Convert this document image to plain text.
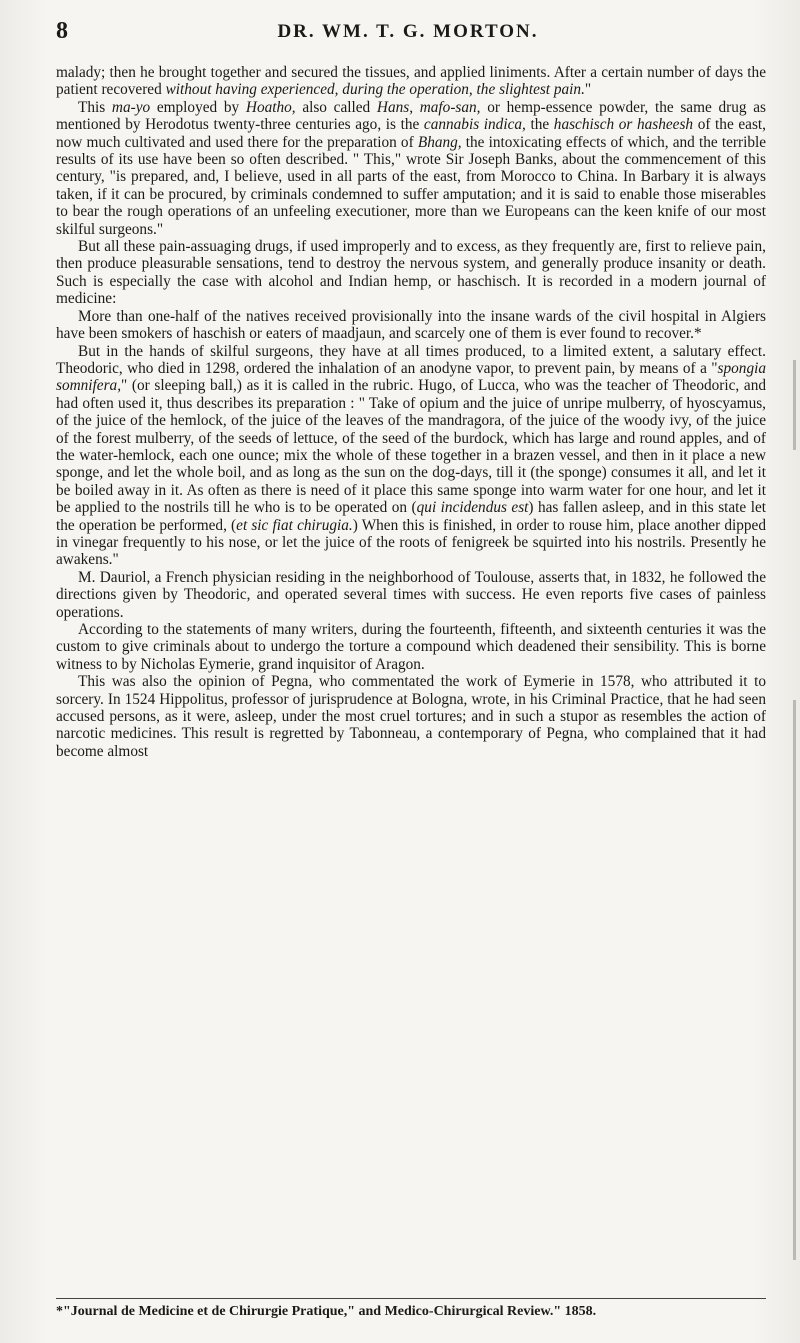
8	DR. WM. T. G. MORTON.

malady; then he brought together and secured the tissues, and applied liniments. After a certain number of days the patient recovered without having experienced, during the operation, the slightest pain."

This ma-yo employed by Hoatho, also called Hans, mafo-san, or hemp-essence powder, the same drug as mentioned by Herodotus twenty-three centuries ago, is the cannabis indica, the haschisch or hasheesh of the east, now much cultivated and used there for the preparation of Bhang, the intoxicating effects of which, and the terrible results of its use have been so often described. " This," wrote Sir Joseph Banks, about the commencement of this century, "is prepared, and, I believe, used in all parts of the east, from Morocco to China. In Barbary it is always taken, if it can be procured, by criminals condemned to suffer amputation; and it is said to enable those miserables to bear the rough operations of an unfeeling executioner, more than we Europeans can the keen knife of our most skilful surgeons."

But all these pain-assuaging drugs, if used improperly and to excess, as they frequently are, first to relieve pain, then produce pleasurable sensations, tend to destroy the nervous system, and generally produce insanity or death. Such is especially the case with alcohol and Indian hemp, or haschisch. It is recorded in a modern journal of medicine:

More than one-half of the natives received provisionally into the insane wards of the civil hospital in Algiers have been smokers of haschish or eaters of maadjaun, and scarcely one of them is ever found to recover.*

But in the hands of skilful surgeons, they have at all times produced, to a limited extent, a salutary effect. Theodoric, who died in 1298, ordered the inhalation of an anodyne vapor, to prevent pain, by means of a "spongia somnifera," (or sleeping ball,) as it is called in the rubric. Hugo, of Lucca, who was the teacher of Theodoric, and had often used it, thus describes its preparation : " Take of opium and the juice of unripe mulberry, of hyoscyamus, of the juice of the hemlock, of the juice of the leaves of the mandragora, of the juice of the woody ivy, of the juice of the forest mulberry, of the seeds of lettuce, of the seed of the burdock, which has large and round apples, and of the water-hemlock, each one ounce; mix the whole of these together in a brazen vessel, and then in it place a new sponge, and let the whole boil, and as long as the sun on the dog-days, till it (the sponge) consumes it all, and let it be boiled away in it. As often as there is need of it place this same sponge into warm water for one hour, and let it be applied to the nostrils till he who is to be operated on (qui incidendus est) has fallen asleep, and in this state let the operation be performed, (et sic fiat chirugia.) When this is finished, in order to rouse him, place another dipped in vinegar frequently to his nose, or let the juice of the roots of fenigreek be squirted into his nostrils. Presently he awakens."

M. Dauriol, a French physician residing in the neighborhood of Toulouse, asserts that, in 1832, he followed the directions given by Theodoric, and operated several times with success. He even reports five cases of painless operations.

According to the statements of many writers, during the fourteenth, fifteenth, and sixteenth centuries it was the custom to give criminals about to undergo the torture a compound which deadened their sensibility. This is borne witness to by Nicholas Eymerie, grand inquisitor of Aragon.

This was also the opinion of Pegna, who commentated the work of Eymerie in 1578, who attributed it to sorcery. In 1524 Hippolitus, professor of jurisprudence at Bologna, wrote, in his Criminal Practice, that he had seen accused persons, as it were, asleep, under the most cruel tortures; and in such a stupor as resembles the action of narcotic medicines. This result is regretted by Tabonneau, a contemporary of Pegna, who complained that it had become almost

*"Journal de Medicine et de Chirurgie Pratique," and Medico-Chirurgical Review." 1858.
